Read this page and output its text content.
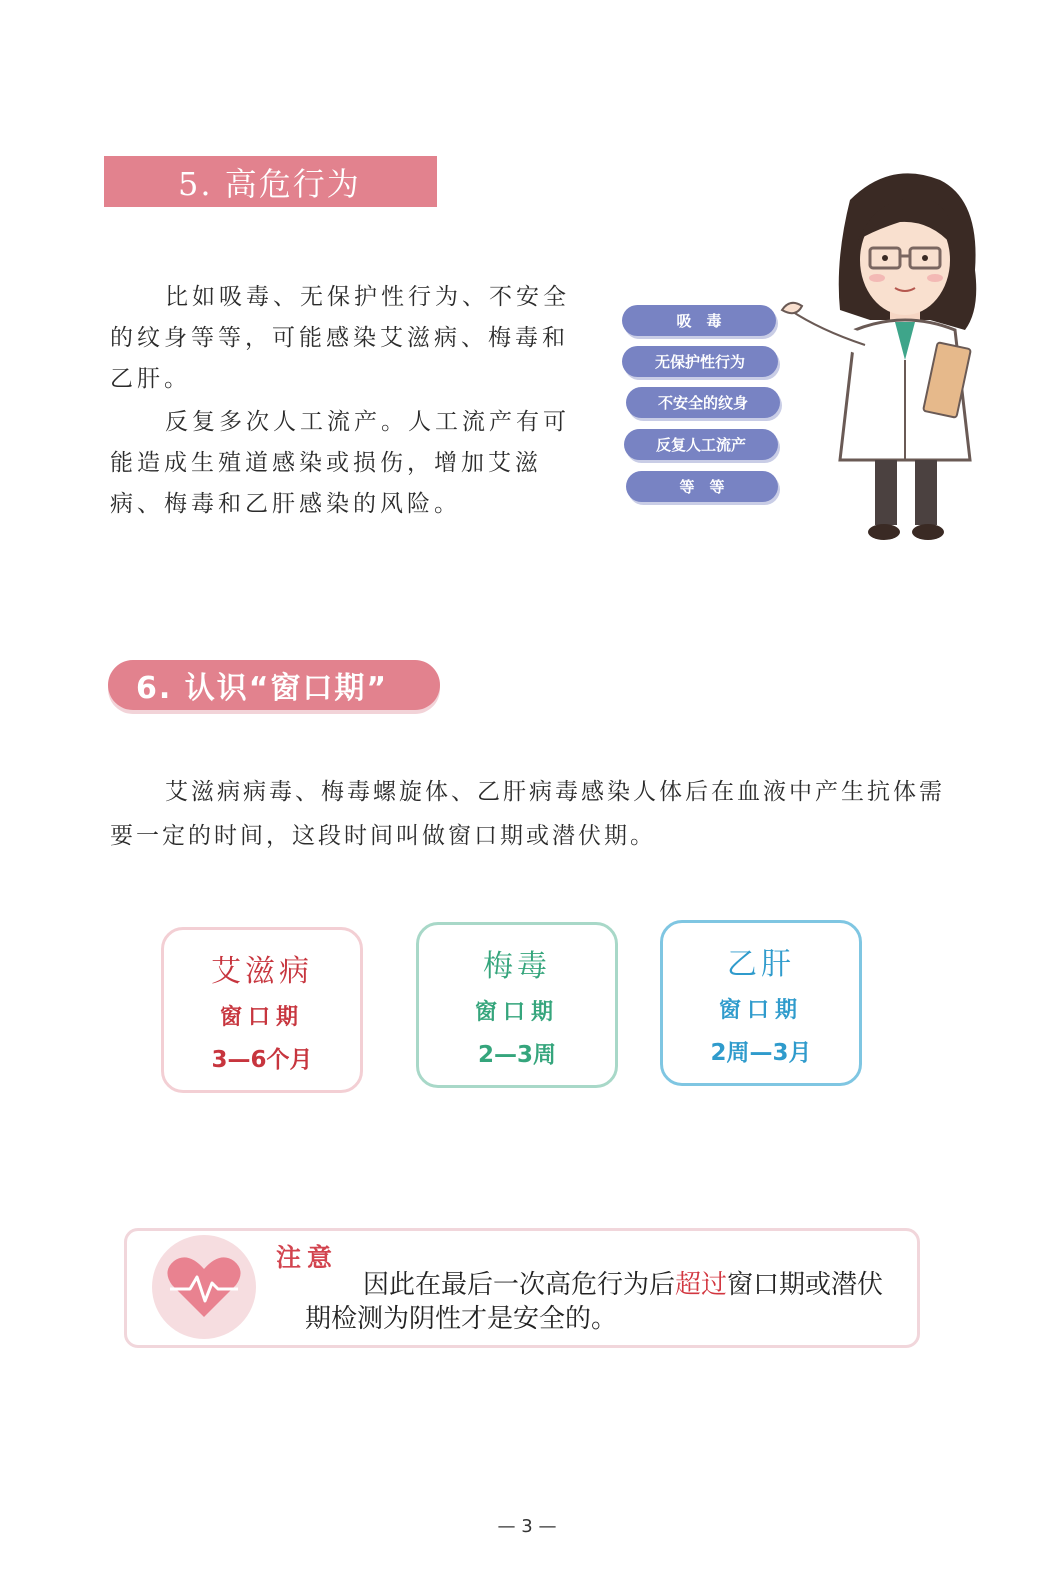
5. 高危行为
比如吸毒、无保护性行为、不安全的纹身等等，可能感染艾滋病、梅毒和乙肝。
反复多次人工流产。人工流产有可能造成生殖道感染或损伤，增加艾滋病、梅毒和乙肝感染的风险。
吸　毒
无保护性行为
不安全的纹身
反复人工流产
等　等
6. 认识“窗口期”
艾滋病病毒、梅毒螺旋体、乙肝病毒感染人体后在血液中产生抗体需要一定的时间，这段时间叫做窗口期或潜伏期。
艾滋病
窗口期
3—6个月
梅毒
窗口期
2—3周
乙肝
窗口期
2周—3月
注意
因此在最后一次高危行为后超过窗口期或潜伏期检测为阴性才是安全的。
— 3 —
